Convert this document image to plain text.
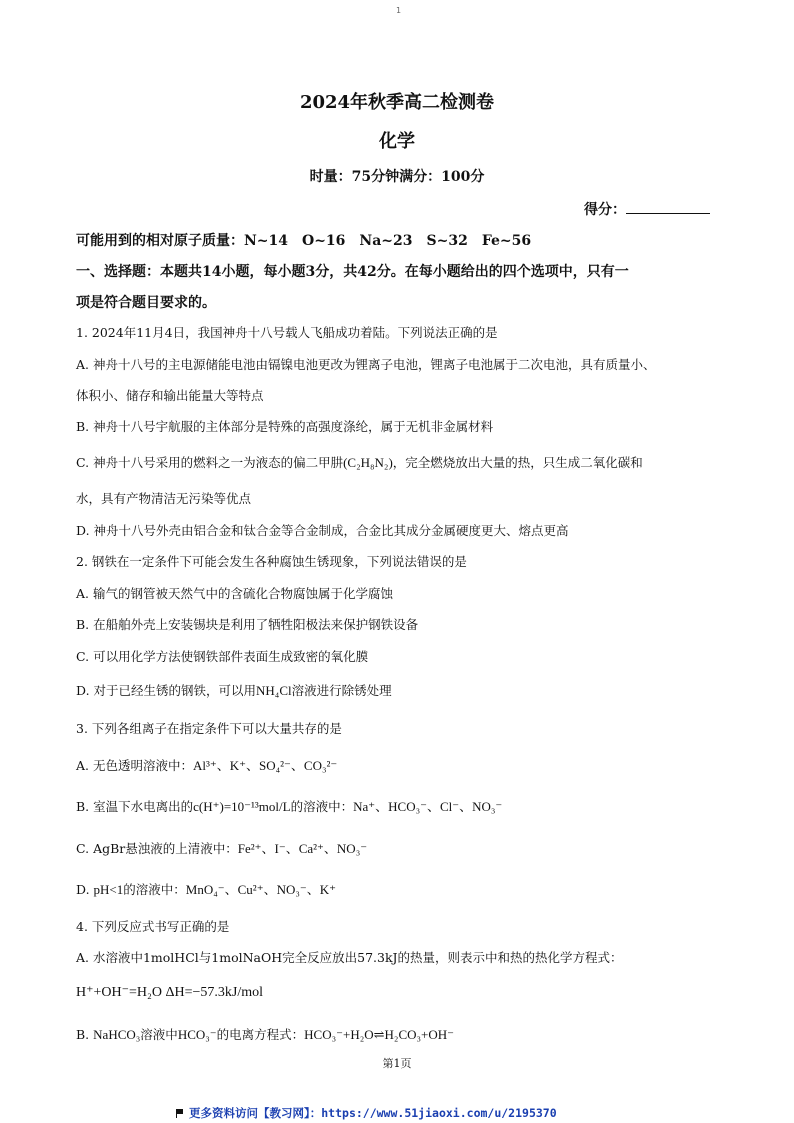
1
2024年秋季高二检测卷
化学
时量：75分钟满分：100分
得分：
可能用到的相对原子质量：N~14　O~16　Na~23　S~32　Fe~56
一、选择题：本题共14小题，每小题3分，共42分。在每小题给出的四个选项中，只有一
项是符合题目要求的。
1. 2024年11月4日，我国神舟十八号载人飞船成功着陆。下列说法正确的是
A. 神舟十八号的主电源储能电池由镉镍电池更改为锂离子电池，锂离子电池属于二次电池，具有质量小、
体积小、储存和输出能量大等特点
B. 神舟十八号宇航服的主体部分是特殊的高强度涤纶，属于无机非金属材料
C. 神舟十八号采用的燃料之一为液态的偏二甲肼(C₂H₈N₂)，完全燃烧放出大量的热，只生成二氧化碳和
水，具有产物清洁无污染等优点
D. 神舟十八号外壳由铝合金和钛合金等合金制成，合金比其成分金属硬度更大、熔点更高
2. 钢铁在一定条件下可能会发生各种腐蚀生锈现象，下列说法错误的是
A. 输气的钢管被天然气中的含硫化合物腐蚀属于化学腐蚀
B. 在船舶外壳上安装锡块是利用了牺牲阳极法来保护钢铁设备
C. 可以用化学方法使钢铁部件表面生成致密的氧化膜
D. 对于已经生锈的钢铁，可以用NH₄Cl溶液进行除锈处理
3. 下列各组离子在指定条件下可以大量共存的是
A. 无色透明溶液中：Al³⁺、K⁺、SO₄²⁻、CO₃²⁻
B. 室温下水电离出的c(H⁺)=10⁻¹³mol/L的溶液中：Na⁺、HCO₃⁻、Cl⁻、NO₃⁻
C. AgBr悬浊液的上清液中：Fe²⁺、I⁻、Ca²⁺、NO₃⁻
D. pH<1的溶液中：MnO₄⁻、Cu²⁺、NO₃⁻、K⁺
4. 下列反应式书写正确的是
A. 水溶液中1molHCl与1molNaOH完全反应放出57.3kJ的热量，则表示中和热的热化学方程式：
H⁺+OH⁻=H₂O ΔH=−57.3kJ/mol
B. NaHCO₃溶液中HCO₃⁻的电离方程式：HCO₃⁻+H₂O⇌H₂CO₃+OH⁻
第1页
更多资料访问【教习网】：https://www.51jiaoxi.com/u/2195370
